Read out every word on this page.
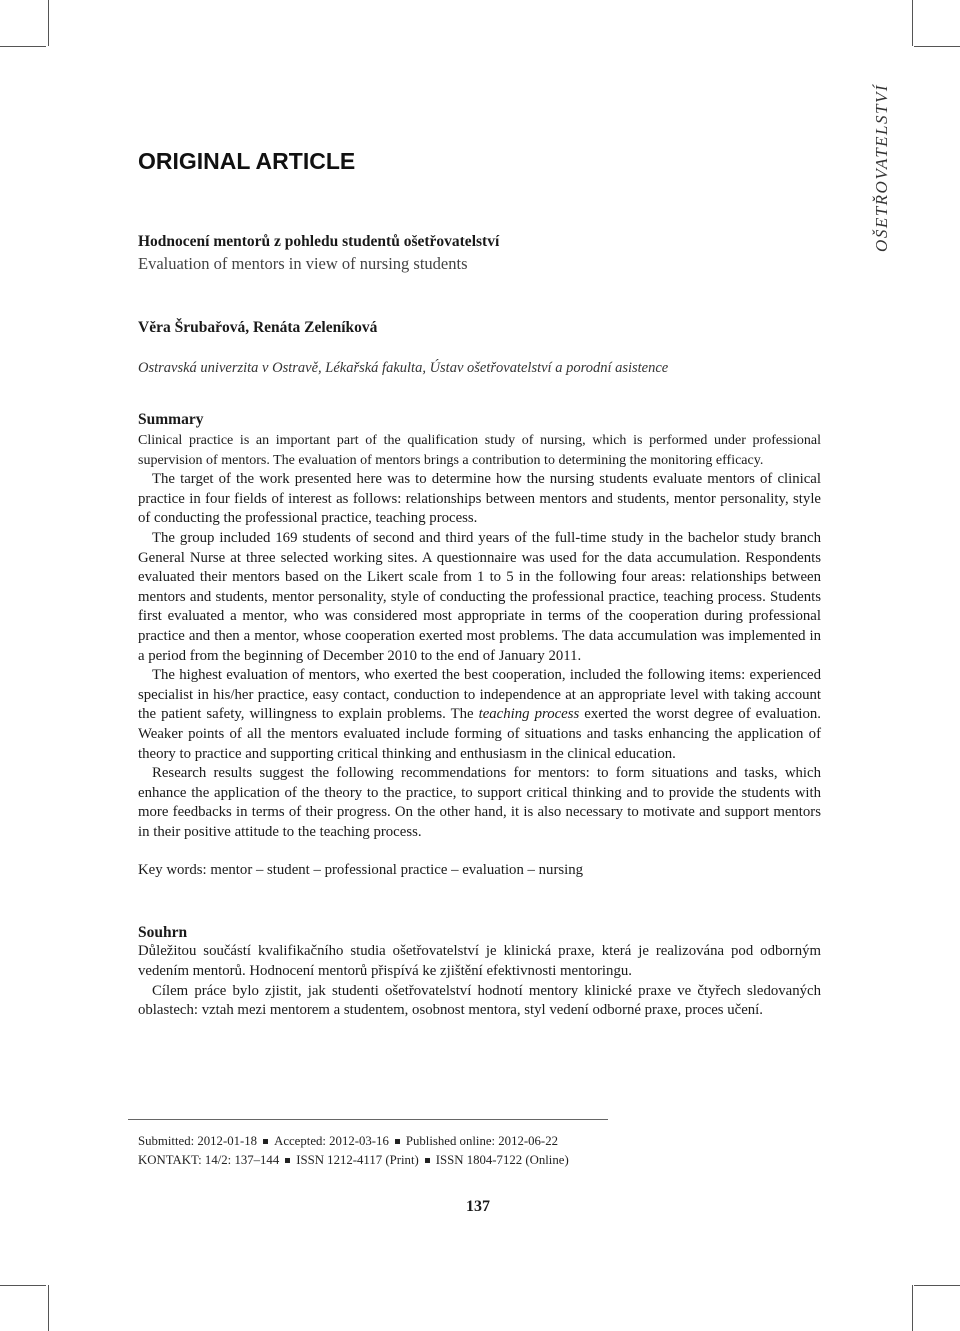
OŠETŘOVATELSTVÍ
ORIGINAL ARTICLE
Hodnocení mentorů z pohledu studentů ošetřovatelství
Evaluation of mentors in view of nursing students
Věra Šrubařová, Renáta Zeleníková
Ostravská univerzita v Ostravě, Lékařská fakulta, Ústav ošetřovatelství a porodní asistence
Summary

Clinical practice is an important part of the qualification study of nursing, which is performed under professional supervision of mentors. The evaluation of mentors brings a contribution to determining the monitoring efficacy.

The target of the work presented here was to determine how the nursing students evaluate mentors of clinical practice in four fields of interest as follows: relationships between mentors and students, mentor personality, style of conducting the professional practice, teaching process.

The group included 169 students of second and third years of the full-time study in the bachelor study branch General Nurse at three selected working sites. A questionnaire was used for the data accumulation. Respondents evaluated their mentors based on the Likert scale from 1 to 5 in the following four areas: relationships between mentors and students, mentor personality, style of conducting the professional practice, teaching process. Students first evaluated a mentor, who was considered most appropriate in terms of the cooperation during professional practice and then a mentor, whose cooperation exerted most problems. The data accumulation was implemented in a period from the beginning of December 2010 to the end of January 2011.

The highest evaluation of mentors, who exerted the best cooperation, included the following items: experienced specialist in his/her practice, easy contact, conduction to independence at an appropriate level with taking account the patient safety, willingness to explain problems. The teaching process exerted the worst degree of evaluation. Weaker points of all the mentors evaluated include forming of situations and tasks enhancing the application of theory to practice and supporting critical thinking and enthusiasm in the clinical education.

Research results suggest the following recommendations for mentors: to form situations and tasks, which enhance the application of the theory to the practice, to support critical thinking and to provide the students with more feedbacks in terms of their progress. On the other hand, it is also necessary to motivate and support mentors in their positive attitude to the teaching process.

Key words: mentor – student – professional practice – evaluation – nursing
Souhrn

Důležitou součástí kvalifikačního studia ošetřovatelství je klinická praxe, která je realizována pod odborným vedením mentorů. Hodnocení mentorů přispívá ke zjištění efektivnosti mentoringu.

Cílem práce bylo zjistit, jak studenti ošetřovatelství hodnotí mentory klinické praxe ve čtyřech sledovaných oblastech: vztah mezi mentorem a studentem, osobnost mentora, styl vedení odborné praxe, proces učení.

Submitted: 2012-01-18 Accepted: 2012-03-16 Published online: 2012-06-22
KONTAKT: 14/2: 137–144 ISSN 1212-4117 (Print) ISSN 1804-7122 (Online)
137
